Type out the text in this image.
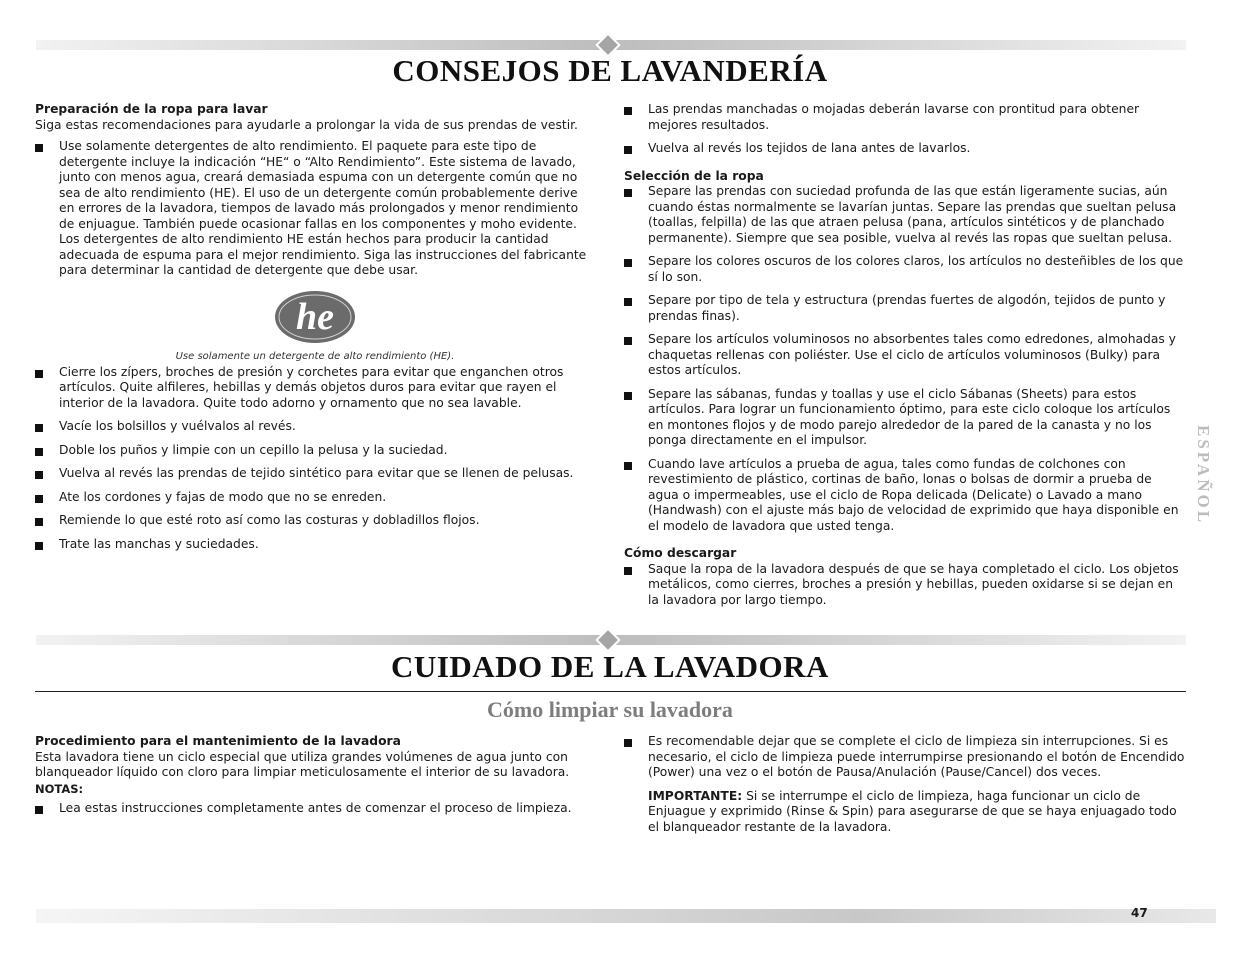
CONSEJOS DE LAVANDERÍA

Preparación de la ropa para lavar

Siga estas recomendaciones para ayudarle a prolongar la vida de sus prendas de vestir.

Use solamente detergentes de alto rendimiento. El paquete para este tipo de detergente incluye la indicación “HE“ o “Alto Rendimiento”. Este sistema de lavado, junto con menos agua, creará demasiada espuma con un detergente común que no sea de alto rendimiento (HE). El uso de un detergente común probablemente derive en errores de la lavadora, tiempos de lavado más prolongados y menor rendimiento de enjuague. También puede ocasionar fallas en los componentes y moho evidente. Los detergentes de alto rendimiento HE están hechos para producir la cantidad adecuada de espuma para el mejor rendimiento. Siga las instrucciones del fabricante para determinar la cantidad de detergente que debe usar.
he

Use solamente un detergente de alto rendimiento (HE).

Cierre los zípers, broches de presión y corchetes para evitar que enganchen otros artículos. Quite alfileres, hebillas y demás objetos duros para evitar que rayen el interior de la lavadora. Quite todo adorno y ornamento que no sea lavable.
Vacíe los bolsillos y vuélvalos al revés.
Doble los puños y limpie con un cepillo la pelusa y la suciedad.
Vuelva al revés las prendas de tejido sintético para evitar que se llenen de pelusas.
Ate los cordones y fajas de modo que no se enreden.
Remiende lo que esté roto así como las costuras y dobladillos flojos.
Trate las manchas y suciedades.
Las prendas manchadas o mojadas deberán lavarse con prontitud para obtener mejores resultados.
Vuelva al revés los tejidos de lana antes de lavarlos.

Selección de la ropa

Separe las prendas con suciedad profunda de las que están ligeramente sucias, aún cuando éstas normalmente se lavarían juntas. Separe las prendas que sueltan pelusa (toallas, felpilla) de las que atraen pelusa (pana, artículos sintéticos y de planchado permanente). Siempre que sea posible, vuelva al revés las ropas que sueltan pelusa.
Separe los colores oscuros de los colores claros, los artículos no desteñibles de los que sí lo son.
Separe por tipo de tela y estructura (prendas fuertes de algodón, tejidos de punto y prendas finas).
Separe los artículos voluminosos no absorbentes tales como edredones, almohadas y chaquetas rellenas con poliéster. Use el ciclo de artículos voluminosos (Bulky) para estos artículos.
Separe las sábanas, fundas y toallas y use el ciclo Sábanas (Sheets) para estos artículos. Para lograr un funcionamiento óptimo, para este ciclo coloque los artículos en montones flojos y de modo parejo alrededor de la pared de la canasta y no los ponga directamente en el impulsor.
Cuando lave artículos a prueba de agua, tales como fundas de colchones con revestimiento de plástico, cortinas de baño, lonas o bolsas de dormir a prueba de agua o impermeables, use el ciclo de Ropa delicada (Delicate) o Lavado a mano (Handwash) con el ajuste más bajo de velocidad de exprimido que haya disponible en el modelo de lavadora que usted tenga.

Cómo descargar

Saque la ropa de la lavadora después de que se haya completado el ciclo. Los objetos metálicos, como cierres, broches a presión y hebillas, pueden oxidarse si se dejan en la lavadora por largo tiempo.
ESPAÑOL
CUIDADO DE LA LAVADORA
Cómo limpiar su lavadora

Procedimiento para el mantenimiento de la lavadora

Esta lavadora tiene un ciclo especial que utiliza grandes volúmenes de agua junto con blanqueador líquido con cloro para limpiar meticulosamente el interior de su lavadora.

NOTAS:

Lea estas instrucciones completamente antes de comenzar el proceso de limpieza.
Es recomendable dejar que se complete el ciclo de limpieza sin interrupciones. Si es necesario, el ciclo de limpieza puede interrumpirse presionando el botón de Encendido (Power) una vez o el botón de Pausa/Anulación (Pause/Cancel) dos veces.

IMPORTANTE: Si se interrumpe el ciclo de limpieza, haga funcionar un ciclo de Enjuague y exprimido (Rinse & Spin) para asegurarse de que se haya enjuagado todo el blanqueador restante de la lavadora.

47
